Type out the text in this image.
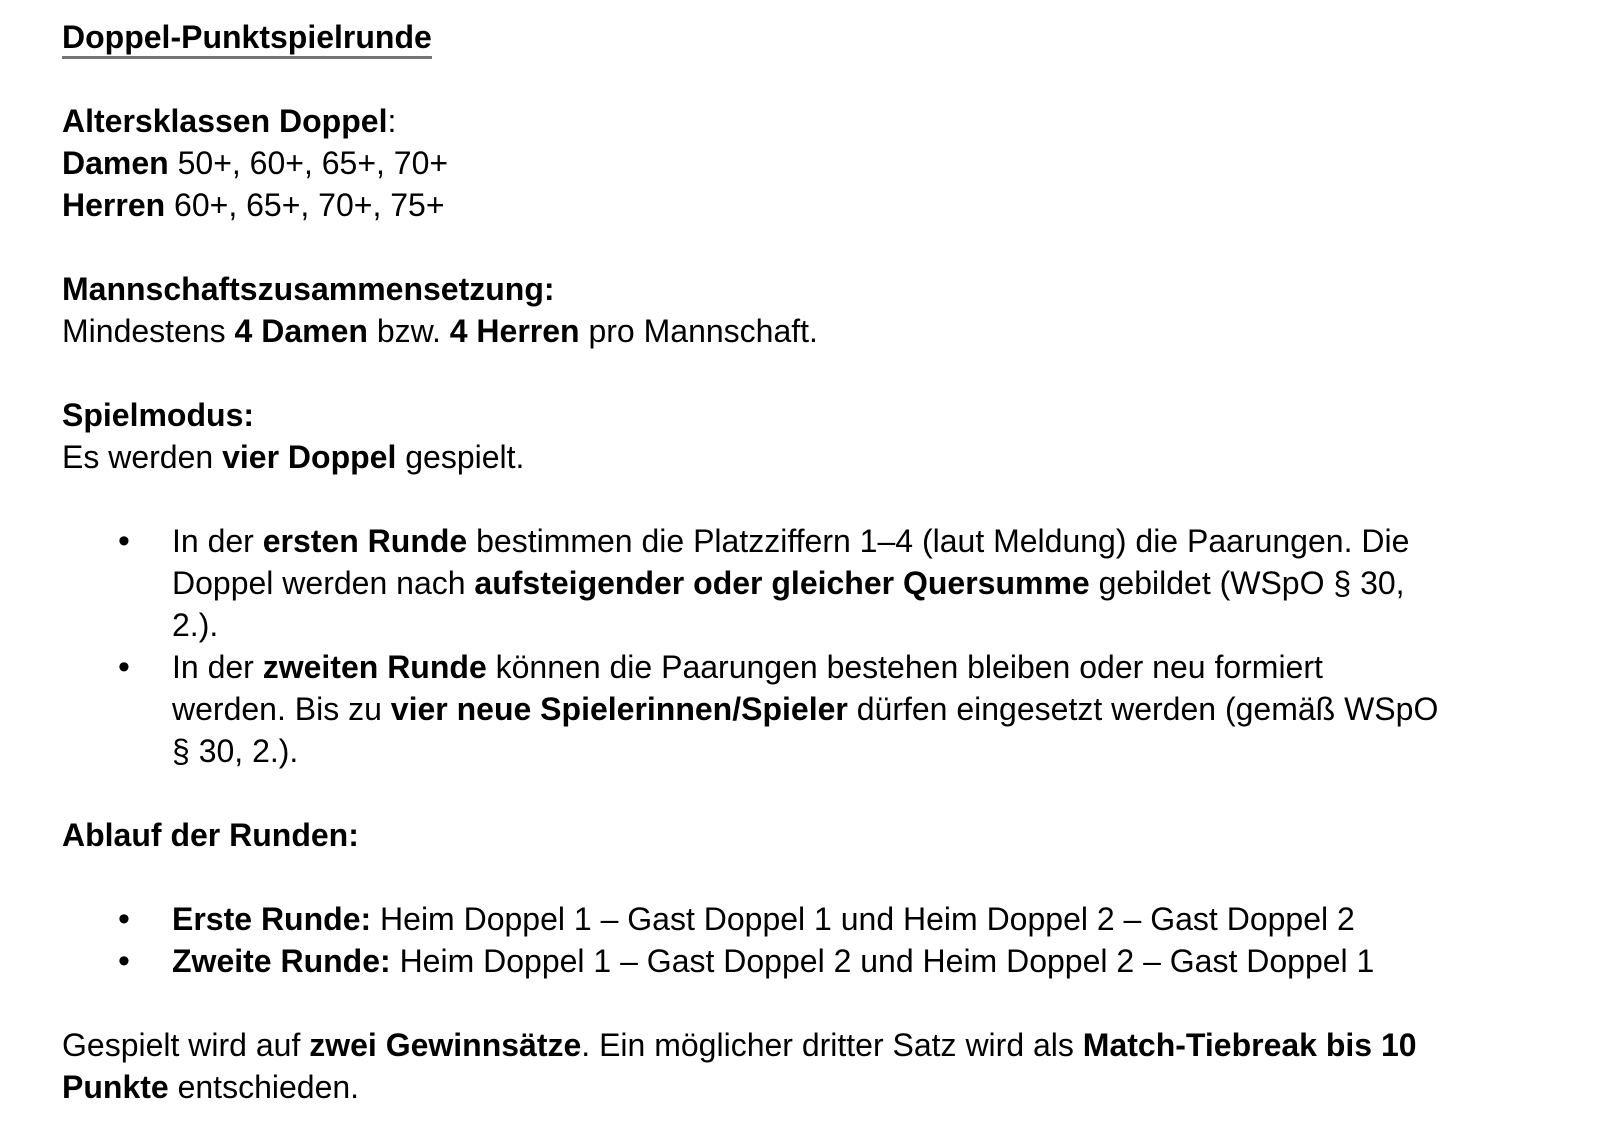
Doppel-Punktspielrunde
Altersklassen Doppel:
Damen 50+, 60+, 65+, 70+
Herren 60+, 65+, 70+, 75+
Mannschaftszusammensetzung:
Mindestens 4 Damen bzw. 4 Herren pro Mannschaft.
Spielmodus:
Es werden vier Doppel gespielt.
• In der ersten Runde bestimmen die Platzziffern 1–4 (laut Meldung) die Paarungen. Die
Doppel werden nach aufsteigender oder gleicher Quersumme gebildet (WSpO § 30,
2.).
• In der zweiten Runde können die Paarungen bestehen bleiben oder neu formiert
werden. Bis zu vier neue Spielerinnen/Spieler dürfen eingesetzt werden (gemäß WSpO
§ 30, 2.).
Ablauf der Runden:
• Erste Runde: Heim Doppel 1 – Gast Doppel 1 und Heim Doppel 2 – Gast Doppel 2
• Zweite Runde: Heim Doppel 1 – Gast Doppel 2 und Heim Doppel 2 – Gast Doppel 1
Gespielt wird auf zwei Gewinnsätze. Ein möglicher dritter Satz wird als Match-Tiebreak bis 10
Punkte entschieden.
